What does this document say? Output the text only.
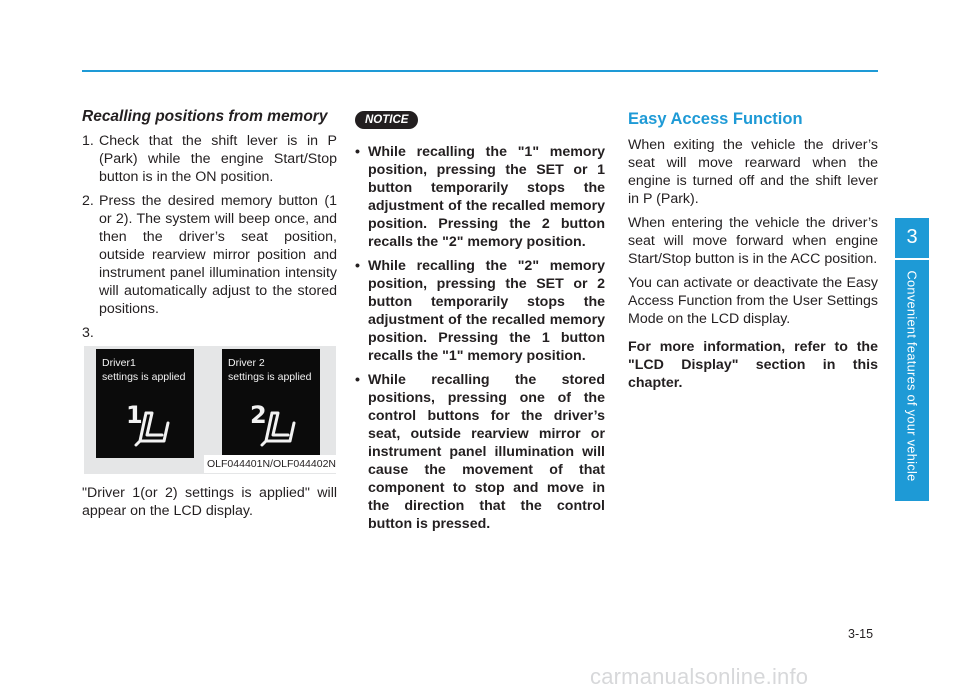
Recalling positions from memory

1. Check that the shift lever is in P (Park) while the engine Start/Stop button is in the ON position.

2. Press the desired memory button (1 or 2). The system will beep once, and then the driver’s seat position, outside rearview mirror position and instrument panel illumination intensity will automatically adjust to the stored positions.

3.

Driver1
settings is applied
1
Driver 2
settings is applied
2
OLF044401N/OLF044402N

"Driver 1(or 2) settings is applied" will appear on the LCD display.

NOTICE

• While recalling the "1" memory position, pressing the SET or 1 button temporarily stops the adjustment of the recalled memory position. Pressing the 2 button recalls the "2" memory position.

• While recalling the "2" memory position, pressing the SET or 2 button temporarily stops the adjustment of the recalled memory position. Pressing the 1 button recalls the "1" memory position.

• While recalling the stored positions, pressing one of the control buttons for the driver’s seat, outside rearview mirror or instrument panel illumination will cause the movement of that component to stop and move in the direction that the control button is pressed.

Easy Access Function

When exiting the vehicle the driver’s seat will move rearward when the engine is turned off and the shift lever in P (Park).

When entering the vehicle the driver’s seat will move forward when engine Start/Stop button is in the ACC position.

You can activate or deactivate the Easy Access Function from the User Settings Mode on the LCD display.

For more information, refer to the "LCD Display" section in this chapter.

3
Convenient features of your vehicle
3-15
carmanualsonline.info
